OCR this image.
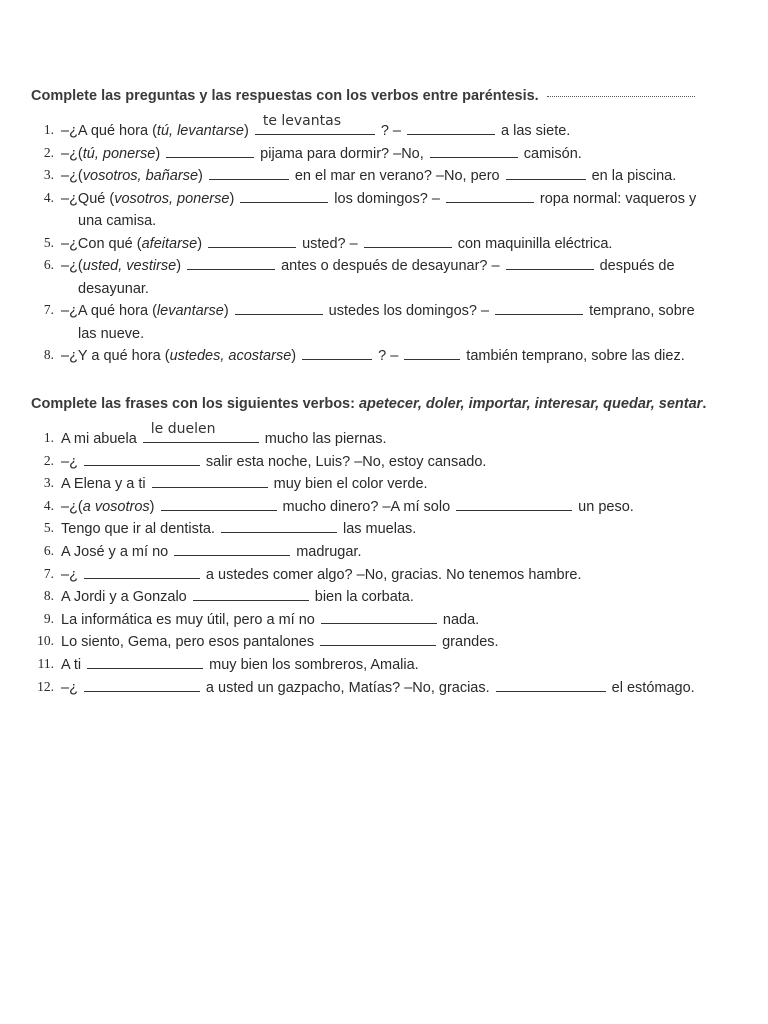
Complete las preguntas y las respuestas con los verbos entre paréntesis.
1. –¿A qué hora (tú, levantarse)
te levantas
? –	a las siete.
2. –¿(tú, ponerse)	pijama para dormir? –No,	camisón.
3. –¿(vosotros, bañarse)	en el mar en verano? –No, pero	en la piscina.
4. –¿Qué (vosotros, ponerse)	los domingos? –	ropa normal: vaqueros y
una camisa.
5. –¿Con qué (afeitarse)	usted? –	con maquinilla eléctrica.
6. –¿(usted, vestirse)	antes o después de desayunar? –	después de
desayunar.
7. –¿A qué hora (levantarse)	ustedes los domingos? –	temprano, sobre
las nueve.
8. –¿Y a qué hora (ustedes, acostarse)	? –	también temprano, sobre las diez.
Complete las frases con los siguientes verbos: apetecer, doler, importar, interesar, quedar, sentar.
1. A mi abuela
le duelen
mucho las piernas.
2. –¿	salir esta noche, Luis? –No, estoy cansado.
3. A Elena y a ti	muy bien el color verde.
4. –¿(a vosotros)	mucho dinero? –A mí solo	un peso.
5. Tengo que ir al dentista.	las muelas.
6. A José y a mí no	madrugar.
7. –¿	a ustedes comer algo? –No, gracias. No tenemos hambre.
8. A Jordi y a Gonzalo	bien la corbata.
9. La informática es muy útil, pero a mí no	nada.
10. Lo siento, Gema, pero esos pantalones	grandes.
11. A ti	muy bien los sombreros, Amalia.
12. –¿	a usted un gazpacho, Matías? –No, gracias.	el estómago.
